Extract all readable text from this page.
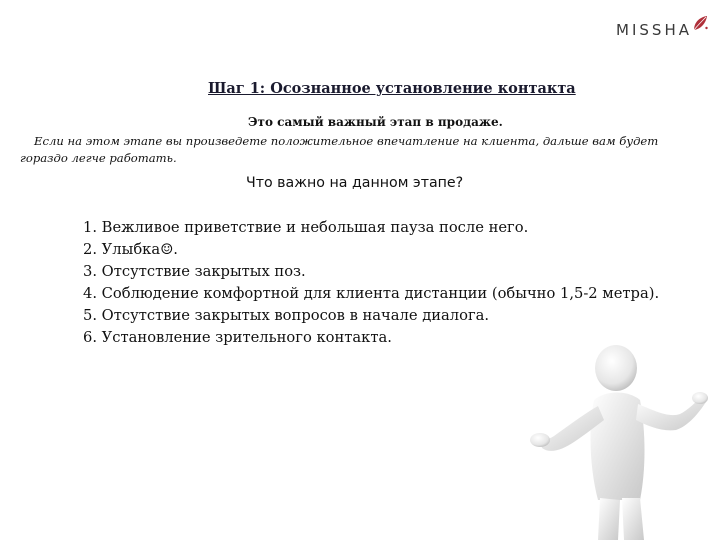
MISSHA
Шаг 1: Осознанное установление контакта
Это самый важный этап в продаже.

Если на этом этапе вы произведете положительное впечатление на клиента, дальше вам будет гораздо легче работать.

Что важно на данном этапе?
1. Вежливое приветствие и небольшая пауза после него.
2. Улыбка☺.
3. Отсутствие закрытых поз.
4. Соблюдение комфортной для клиента дистанции (обычно 1,5-2 метра).
5. Отсутствие закрытых вопросов в начале диалога.
6. Установление зрительного контакта.
